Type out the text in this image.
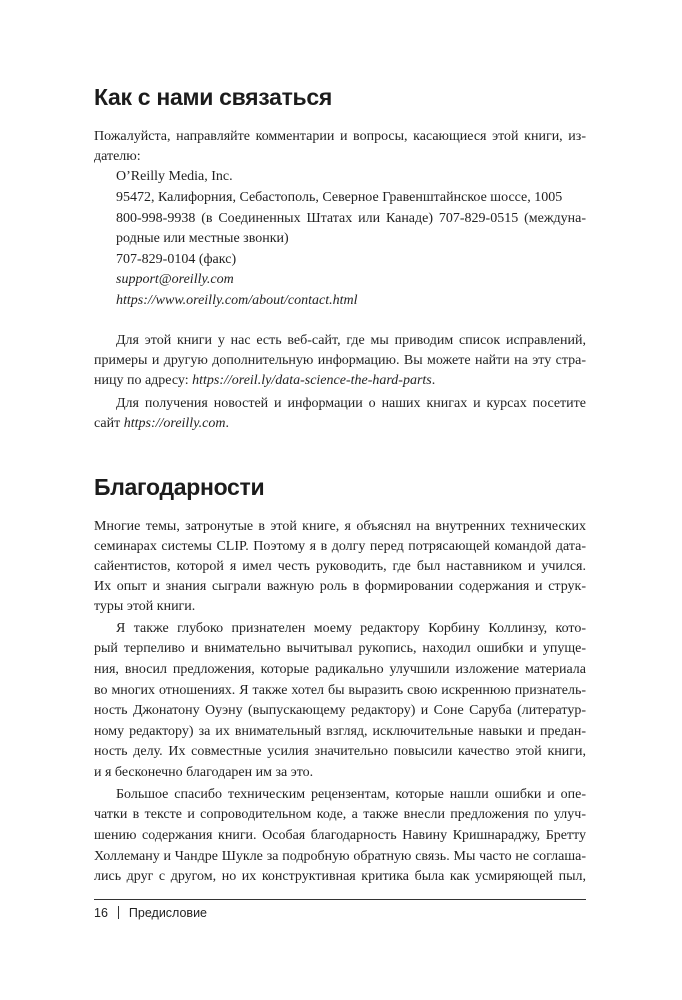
Как с нами связаться
Пожалуйста, направляйте комментарии и вопросы, касающиеся этой книги, из-
дателю:
O’Reilly Media, Inc.
95472, Калифорния, Себастополь, Северное Гравенштайнское шоссе, 1005
800-998-9938 (в Соединенных Штатах или Канаде) 707-829-0515 (междуна-
родные или местные звонки)
707-829-0104 (факс)
support@oreilly.com
https://www.oreilly.com/about/contact.html
Для этой книги у нас есть веб-сайт, где мы приводим список исправлений,
примеры и другую дополнительную информацию. Вы можете найти на эту стра-
ницу по адресу: https://oreil.ly/data-science-the-hard-parts.
Для получения новостей и информации о наших книгах и курсах посетите
сайт https://oreilly.com.
Благодарности
Многие темы, затронутые в этой книге, я объяснял на внутренних технических
семинарах системы CLIP. Поэтому я в долгу перед потрясающей командой дата-
сайентистов, которой я имел честь руководить, где был наставником и учился.
Их опыт и знания сыграли важную роль в формировании содержания и струк-
туры этой книги.
Я также глубоко признателен моему редактору Корбину Коллинзу, кото-
рый терпеливо и внимательно вычитывал рукопись, находил ошибки и упуще-
ния, вносил предложения, которые радикально улучшили изложение материала
во многих отношениях. Я также хотел бы выразить свою искреннюю признатель-
ность Джонатону Оуэну (выпускающему редактору) и Соне Саруба (литератур-
ному редактору) за их внимательный взгляд, исключительные навыки и предан-
ность делу. Их совместные усилия значительно повысили качество этой книги,
и я бесконечно благодарен им за это.
Большое спасибо техническим рецензентам, которые нашли ошибки и опе-
чатки в тексте и сопроводительном коде, а также внесли предложения по улуч-
шению содержания книги. Особая благодарность Навину Кришнараджу, Бретту
Холлеману и Чандре Шукле за подробную обратную связь. Мы часто не соглаша-
лись друг с другом, но их конструктивная критика была как усмиряющей пыл,
16 Предисловие
